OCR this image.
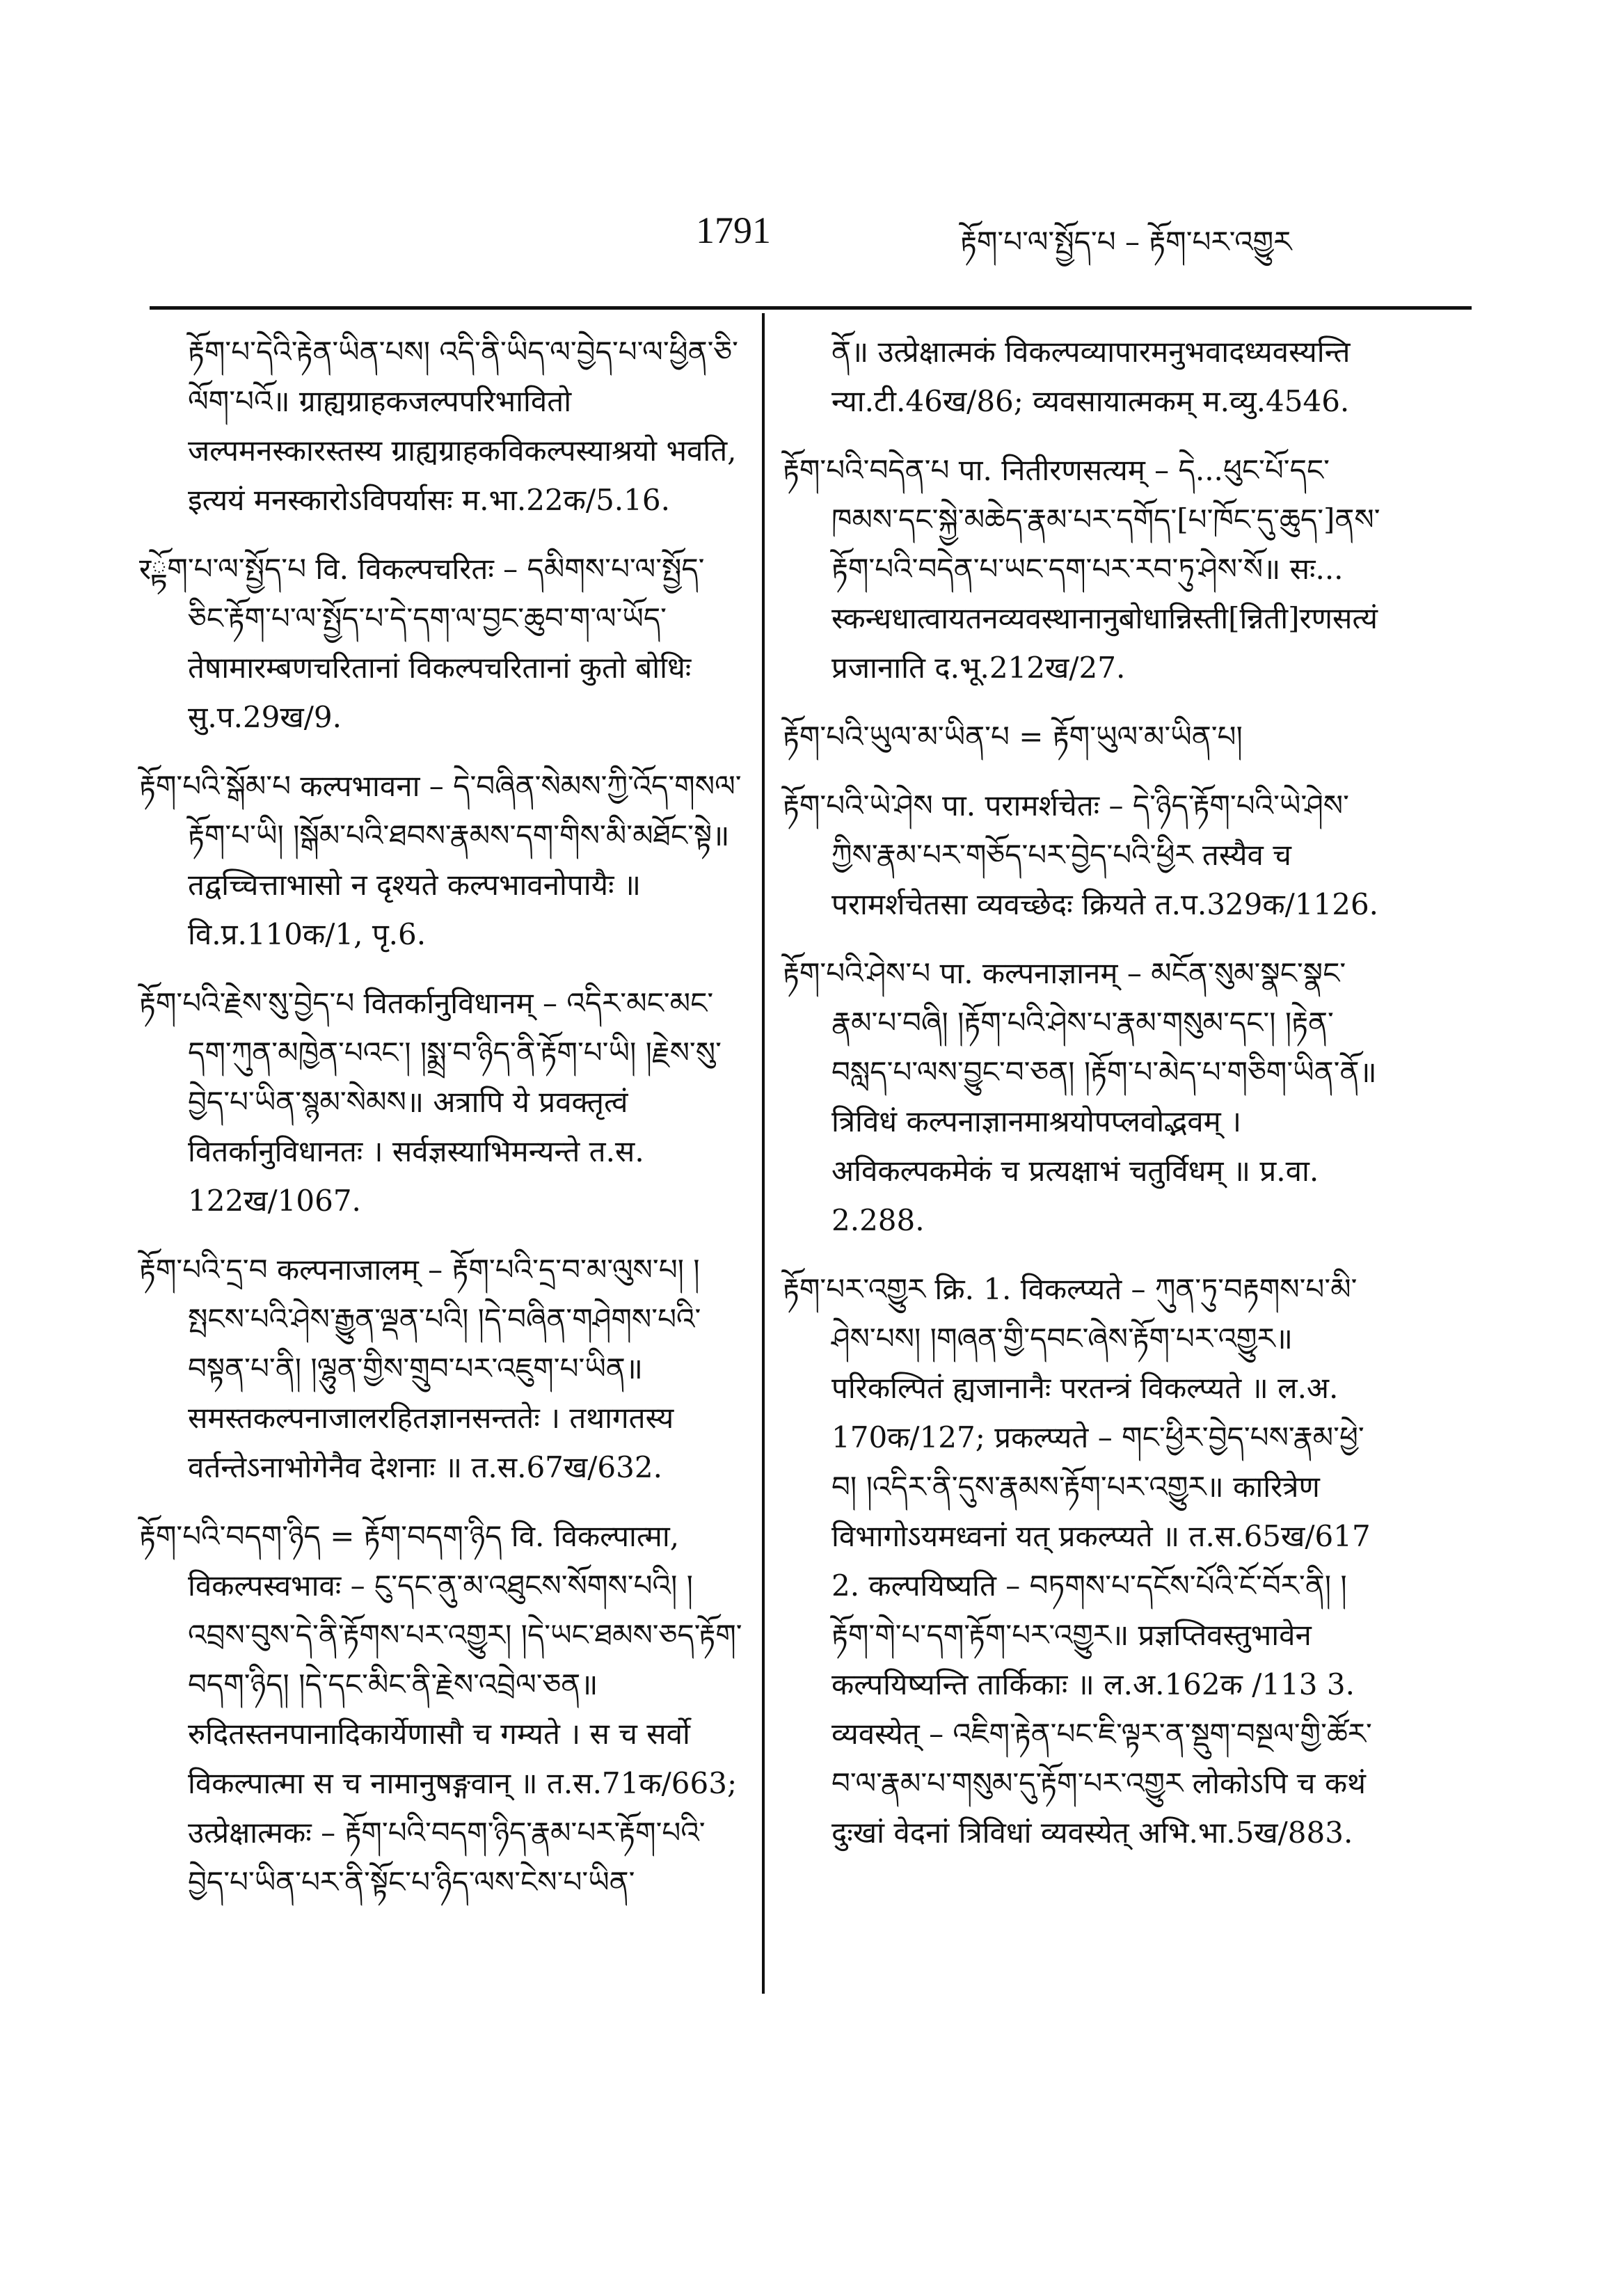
1791	རྟོག་པ་ལ་སྤྱོད་པ – རྟོག་པར་འགྱུར

རྟོག་པ་དེའི་རྟེན་ཡིན་པས། འདི་ནི་ཡིད་ལ་བྱེད་པ་ལ་ཕྱིན་ཅི་ལོག་པའོ॥ ग्राह्यग्राहकजल्पपरिभावितो जल्पमनस्कारस्तस्य ग्राह्यग्राहकविकल्पस्याश्रयो भवति, इत्ययं मनस्कारोऽविपर्यासः म.भा.22क/5.16.

रྟོག་པ་ལ་སྤྱོད་པ वि. विकल्पचरितः – དམིགས་པ་ལ་སྤྱོད་ཅིང་རྟོག་པ་ལ་སྤྱོད་པ་དེ་དག་ལ་བྱང་ཆུབ་ག་ལ་ཡོད་ तेषामारम्बणचरितानां विकल्पचरितानां कुतो बोधिः सु.प.29ख/9.

རྟོག་པའི་སྒོམ་པ कल्पभावना – དེ་བཞིན་སེམས་ཀྱི་འོད་གསལ་རྟོག་པ་ཡི། །སྒོམ་པའི་ཐབས་རྣམས་དག་གིས་མི་མཐོང་སྟེ॥ तद्वच्चित्ताभासो न दृश्यते कल्पभावनोपायैः ॥ वि.प्र.110क/1, पृ.6.

རྟོག་པའི་རྗེས་སུ་བྱེད་པ वितर्कानुविधानम् – འདིར་མང་མང་དག་ཀུན་མཁྱེན་པའང་། །སྨྲ་བ་ཉིད་ནི་རྟོག་པ་ཡི། །རྗེས་སུ་བྱེད་པ་ཡིན་སྙམ་སེམས॥ अत्रापि ये प्रवक्तृत्वं वितर्कानुविधानतः । सर्वज्ञस्याभिमन्यन्ते त.स. 122ख/1067.

རྟོག་པའི་དྲ་བ कल्पनाजालम् – རྟོག་པའི་དྲ་བ་མ་ལུས་པ། །སྤངས་པའི་ཤེས་རྒྱུན་ལྡན་པའི། །དེ་བཞིན་གཤེགས་པའི་བསྟན་པ་ནི། །ལྷུན་གྱིས་གྲུབ་པར་འཇུག་པ་ཡིན॥ समस्तकल्पनाजालरहितज्ञानसन्ततेः । तथागतस्य वर्तन्तेऽनाभोगेनैव देशनाः ॥ त.स.67ख/632.

རྟོག་པའི་བདག་ཉིད = རྟོག་བདག་ཉིད वि. विकल्पात्मा, विकल्पस्वभावः – ངུ་དང་ནུ་མ་འཐུངས་སོགས་པའི། །འབྲས་བུས་དེ་ནི་རྟོགས་པར་འགྱུར། །དེ་ཡང་ཐམས་ཅད་རྟོག་བདག་ཉིད། །དེ་དང་མིང་ནི་རྗེས་འབྲེལ་ཅན॥ रुदितस्तनपानादिकार्येणासौ च गम्यते । स च सर्वो विकल्पात्मा स च नामानुषङ्गवान् ॥ त.स.71क/663; उत्प्रेक्षात्मकः – རྟོག་པའི་བདག་ཉིད་རྣམ་པར་རྟོག་པའི་བྱེད་པ་ཡིན་པར་ནི་སྟོང་པ་ཉིད་ལས་ངེས་པ་ཡིན་

ནོ॥ उत्प्रेक्षात्मकं विकल्पव्यापारमनुभवादध्यवस्यन्ति न्या.टी.46ख/86; व्यवसायात्मकम् म.व्यु.4546.

རྟོག་པའི་བདེན་པ पा. नितीरणसत्यम् – དེ...ཕུང་པོ་དང་ཁམས་དང་སྐྱེ་མཆེད་རྣམ་པར་དགོད་[པ་ཁོང་དུ་ཆུད་]ནས་རྟོག་པའི་བདེན་པ་ཡང་དག་པར་རབ་ཏུ་ཤེས་སོ॥ सः... स्कन्धधात्वायतनव्यवस्थानानुबोधान्निस्ती[न्निती]रणसत्यं प्रजानाति द.भू.212ख/27.

རྟོག་པའི་ཡུལ་མ་ཡིན་པ = རྟོག་ཡུལ་མ་ཡིན་པ།

རྟོག་པའི་ཡེ་ཤེས पा. परामर्शचेतः – དེ་ཉིད་རྟོག་པའི་ཡེ་ཤེས་ཀྱིས་རྣམ་པར་གཅོད་པར་བྱེད་པའི་ཕྱིར तस्यैव च परामर्शचेतसा व्यवच्छेदः क्रियते त.प.329क/1126.

རྟོག་པའི་ཤེས་པ पा. कल्पनाज्ञानम् – མངོན་སུམ་སྣང་སྣང་རྣམ་པ་བཞི། །རྟོག་པའི་ཤེས་པ་རྣམ་གསུམ་དང་། །རྟེན་བསླད་པ་ལས་བྱུང་བ་ཅན། །རྟོག་པ་མེད་པ་གཅིག་ཡིན་ནོ॥ त्रिविधं कल्पनाज्ञानमाश्रयोपप्लवोद्भवम् । अविकल्पकमेकं च प्रत्यक्षाभं चतुर्विधम् ॥ प्र.वा. 2.288.

རྟོག་པར་འགྱུར क्रि. 1. विकल्प्यते – ཀུན་ཏུ་བརྟགས་པ་མི་ཤེས་པས། །གཞན་གྱི་དབང་ཞེས་རྟོག་པར་འགྱུར॥ परिकल्पितं ह्यजानानैः परतन्त्रं विकल्प्यते ॥ ल.अ. 170क/127; प्रकल्प्यते – གང་ཕྱིར་བྱེད་པས་རྣམ་ཕྱེ་བ། །འདིར་ནི་དུས་རྣམས་རྟོག་པར་འགྱུར॥ कारित्रेण विभागोऽयमध्वनां यत् प्रकल्प्यते ॥ त.स.65ख/617 2. कल्पयिष्यति – བཏགས་པ་དངོས་པོའི་ངོ་བོར་ནི། །རྟོག་གེ་པ་དག་རྟོག་པར་འགྱུར॥ प्रज्ञप्तिवस्तुभावेन कल्पयिष्यन्ति तार्किकाः ॥ ल.अ.162क /113 3. व्यवस्येत् – འཇིག་རྟེན་པང་ཇི་ལྟར་ན་སྡུག་བསྔལ་གྱི་ཚོར་བ་ལ་རྣམ་པ་གསུམ་དུ་རྟོག་པར་འགྱུར लोकोऽपि च कथं दुःखां वेदनां त्रिविधां व्यवस्येत् अभि.भा.5ख/883.
